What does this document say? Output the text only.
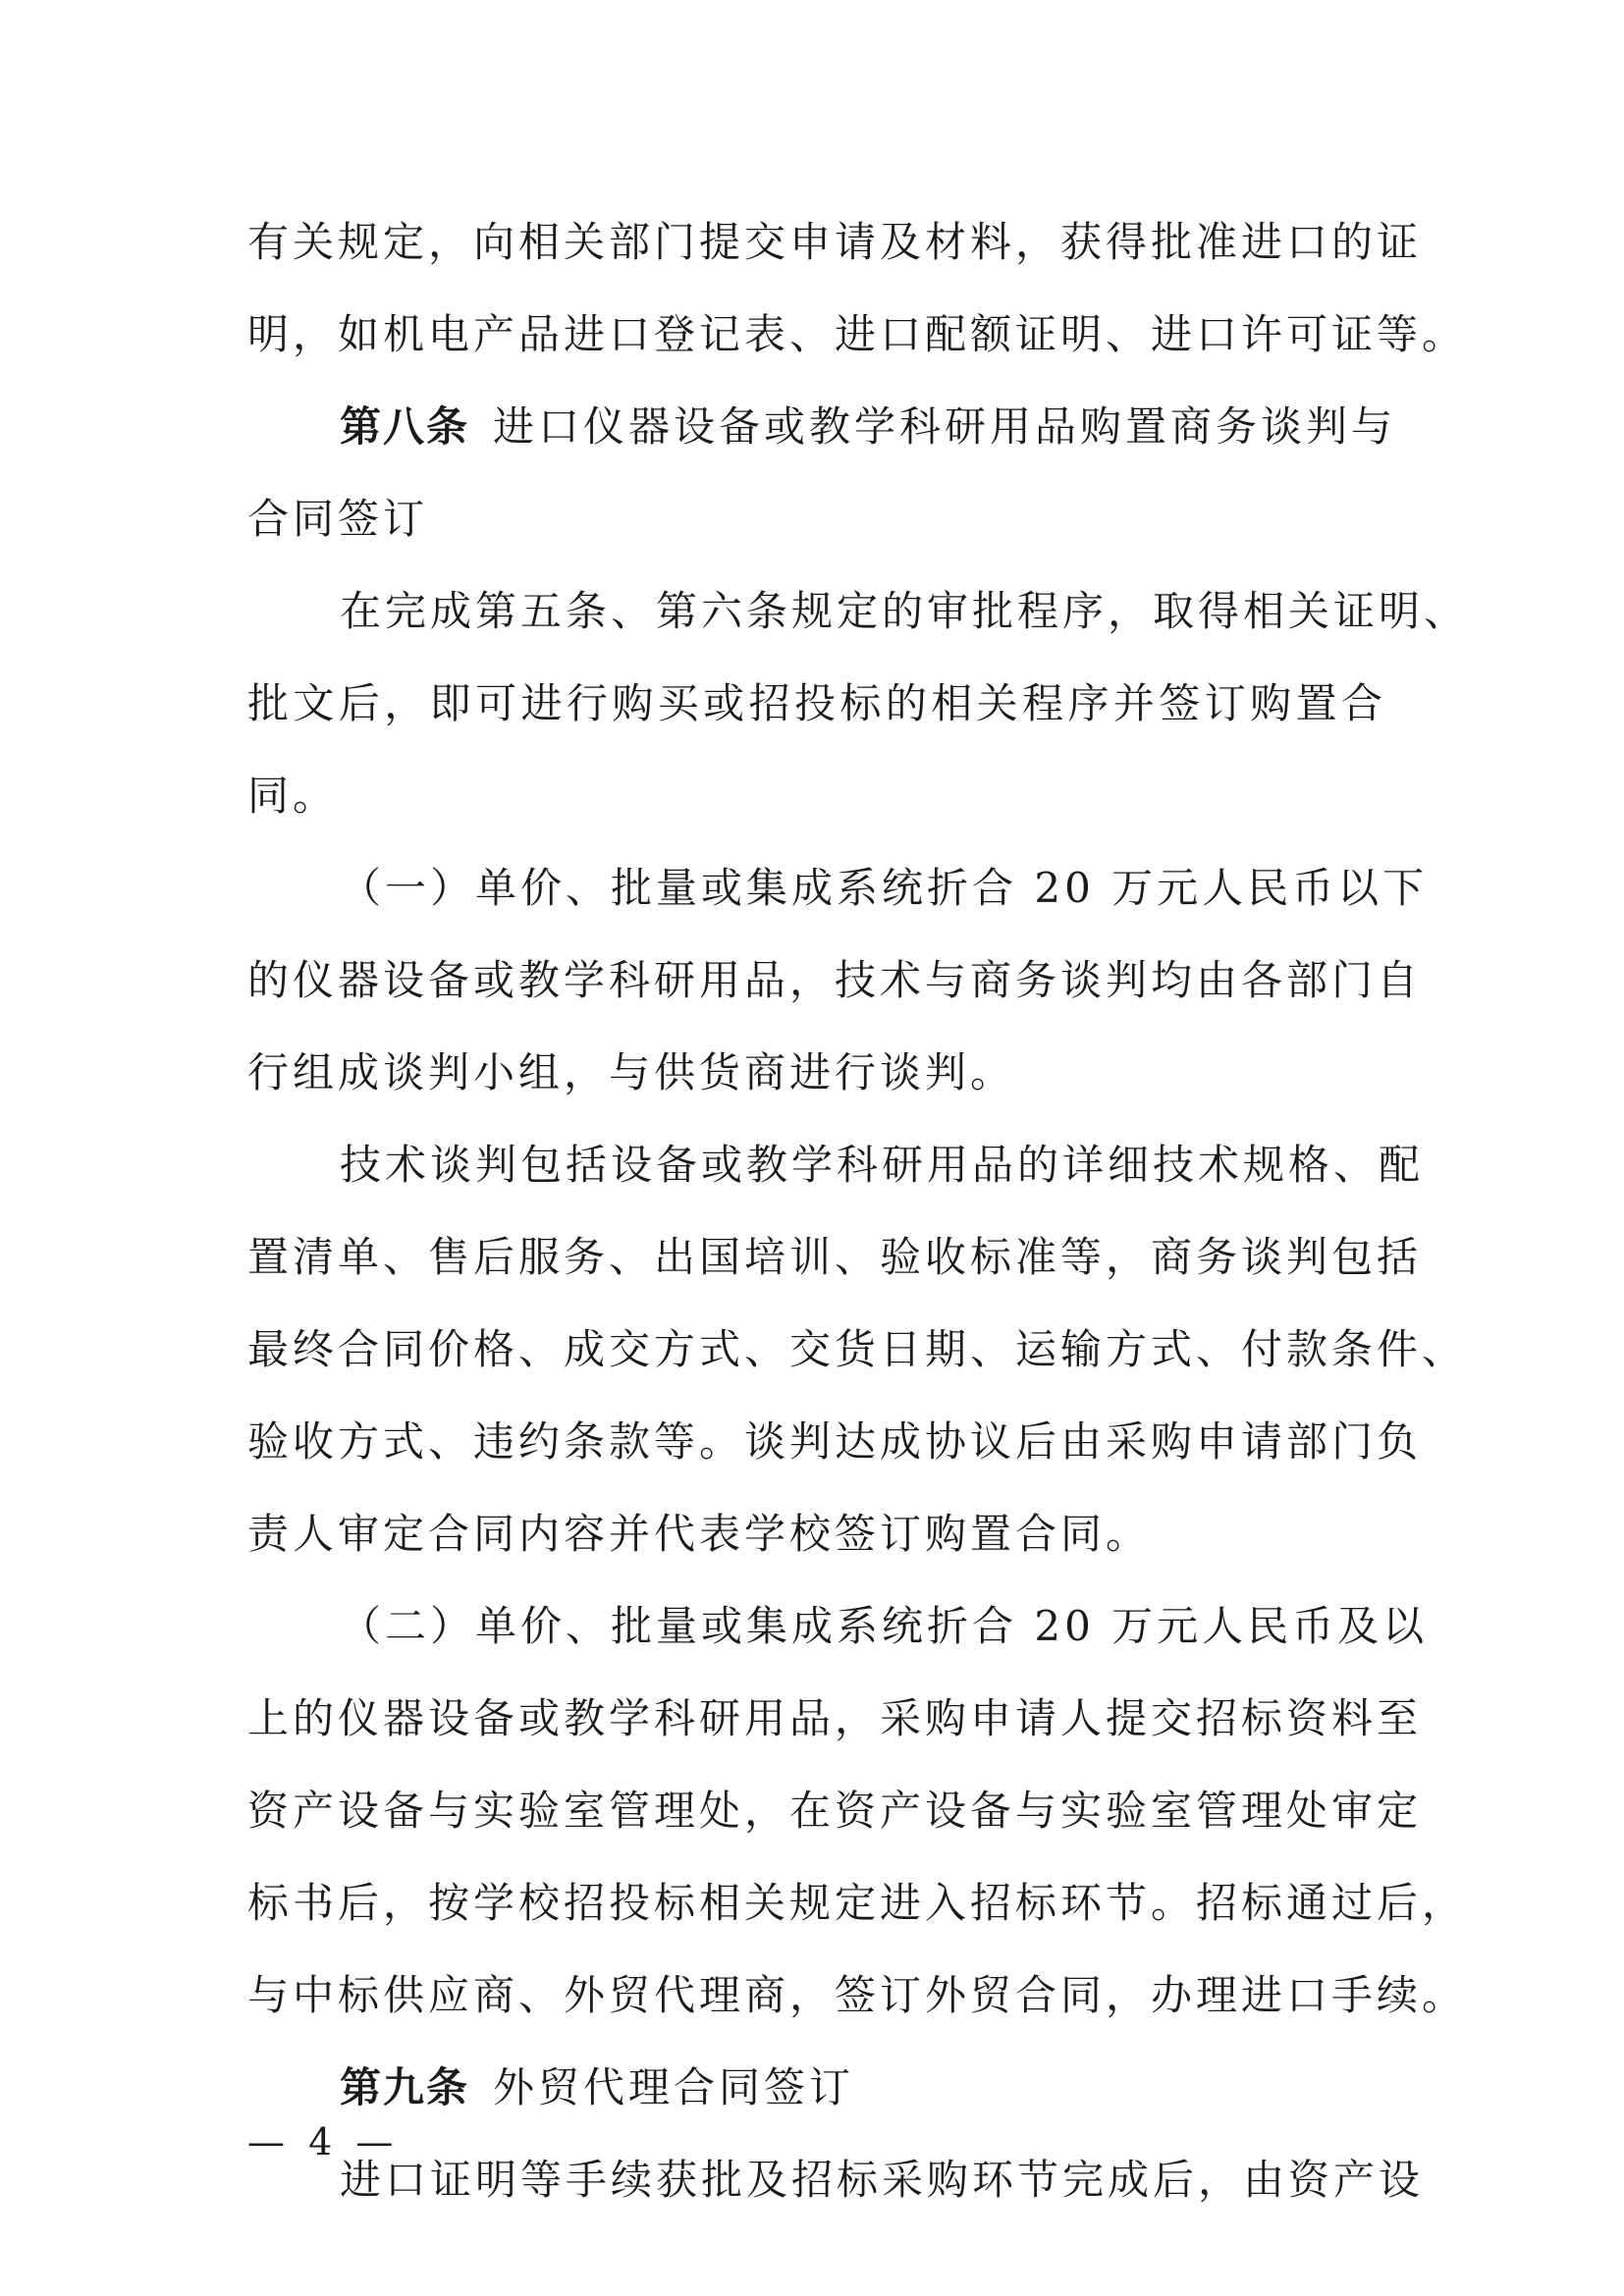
有关规定，向相关部门提交申请及材料，获得批准进口的证
明，如机电产品进口登记表、进口配额证明、进口许可证等。
第八条 进口仪器设备或教学科研用品购置商务谈判与
合同签订
在完成第五条、第六条规定的审批程序，取得相关证明、
批文后，即可进行购买或招投标的相关程序并签订购置合
同。
（一）单价、批量或集成系统折合 20 万元人民币以下
的仪器设备或教学科研用品，技术与商务谈判均由各部门自
行组成谈判小组，与供货商进行谈判。
技术谈判包括设备或教学科研用品的详细技术规格、配
置清单、售后服务、出国培训、验收标准等，商务谈判包括
最终合同价格、成交方式、交货日期、运输方式、付款条件、
验收方式、违约条款等。谈判达成协议后由采购申请部门负
责人审定合同内容并代表学校签订购置合同。
（二）单价、批量或集成系统折合 20 万元人民币及以
上的仪器设备或教学科研用品，采购申请人提交招标资料至
资产设备与实验室管理处，在资产设备与实验室管理处审定
标书后，按学校招投标相关规定进入招标环节。招标通过后，
与中标供应商、外贸代理商，签订外贸合同，办理进口手续。
第九条 外贸代理合同签订
进口证明等手续获批及招标采购环节完成后，由资产设
— 4 —
